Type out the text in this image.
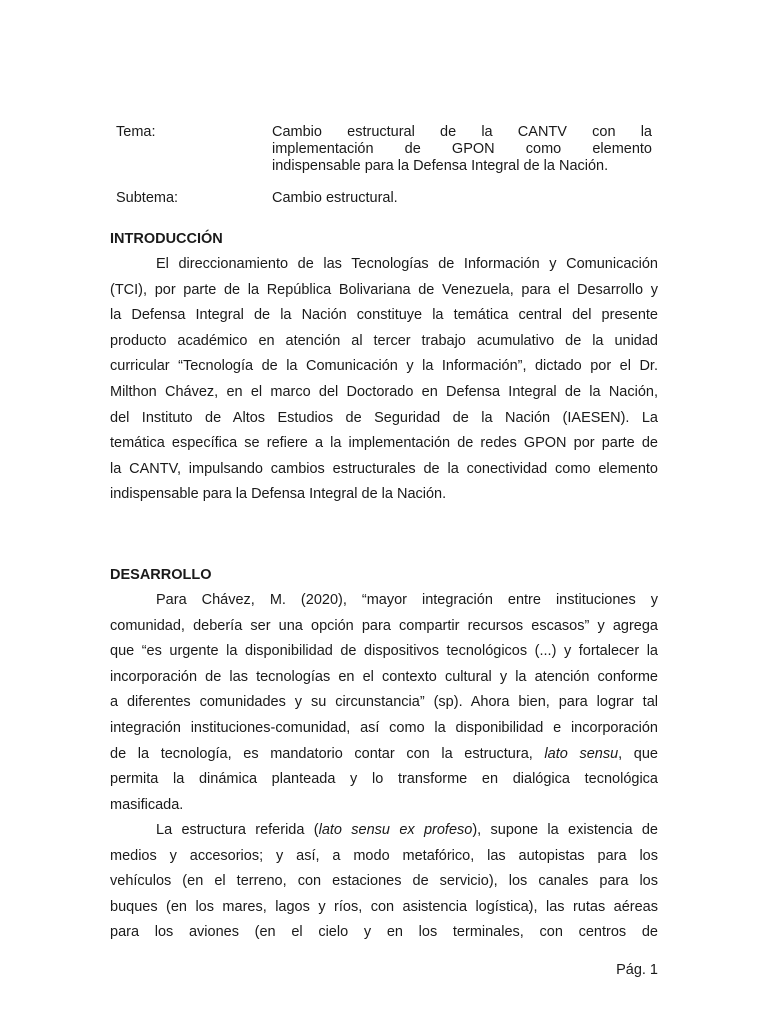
Tema:	Cambio estructural de la CANTV con la
implementación de GPON como elemento
indispensable para la Defensa Integral de la Nación.
Subtema:	Cambio estructural.
INTRODUCCIÓN
El direccionamiento de las Tecnologías de Información y Comunicación
(TCI), por parte de la República Bolivariana de Venezuela, para el Desarrollo y
la Defensa Integral de la Nación constituye la temática central del presente
producto académico en atención al tercer trabajo acumulativo de la unidad
curricular “Tecnología de la Comunicación y la Información”, dictado por el Dr.
Milthon Chávez, en el marco del Doctorado en Defensa Integral de la Nación,
del Instituto de Altos Estudios de Seguridad de la Nación (IAESEN). La
temática específica se refiere a la implementación de redes GPON por parte de
la CANTV, impulsando cambios estructurales de la conectividad como elemento
indispensable para la Defensa Integral de la Nación.
DESARROLLO
Para Chávez, M. (2020), “mayor integración entre instituciones y
comunidad, debería ser una opción para compartir recursos escasos” y agrega
que “es urgente la disponibilidad de dispositivos tecnológicos (...) y fortalecer la
incorporación de las tecnologías en el contexto cultural y la atención conforme
a diferentes comunidades y su circunstancia” (sp). Ahora bien, para lograr tal
integración instituciones-comunidad, así como la disponibilidad e incorporación
de la tecnología, es mandatorio contar con la estructura, lato sensu, que
permita la dinámica planteada y lo transforme en dialógica tecnológica
masificada.
La estructura referida (lato sensu ex profeso), supone la existencia de
medios y accesorios; y así, a modo metafórico, las autopistas para los
vehículos (en el terreno, con estaciones de servicio), los canales para los
buques (en los mares, lagos y ríos, con asistencia logística), las rutas aéreas
para los aviones (en el cielo y en los terminales, con centros de
Pág. 1
